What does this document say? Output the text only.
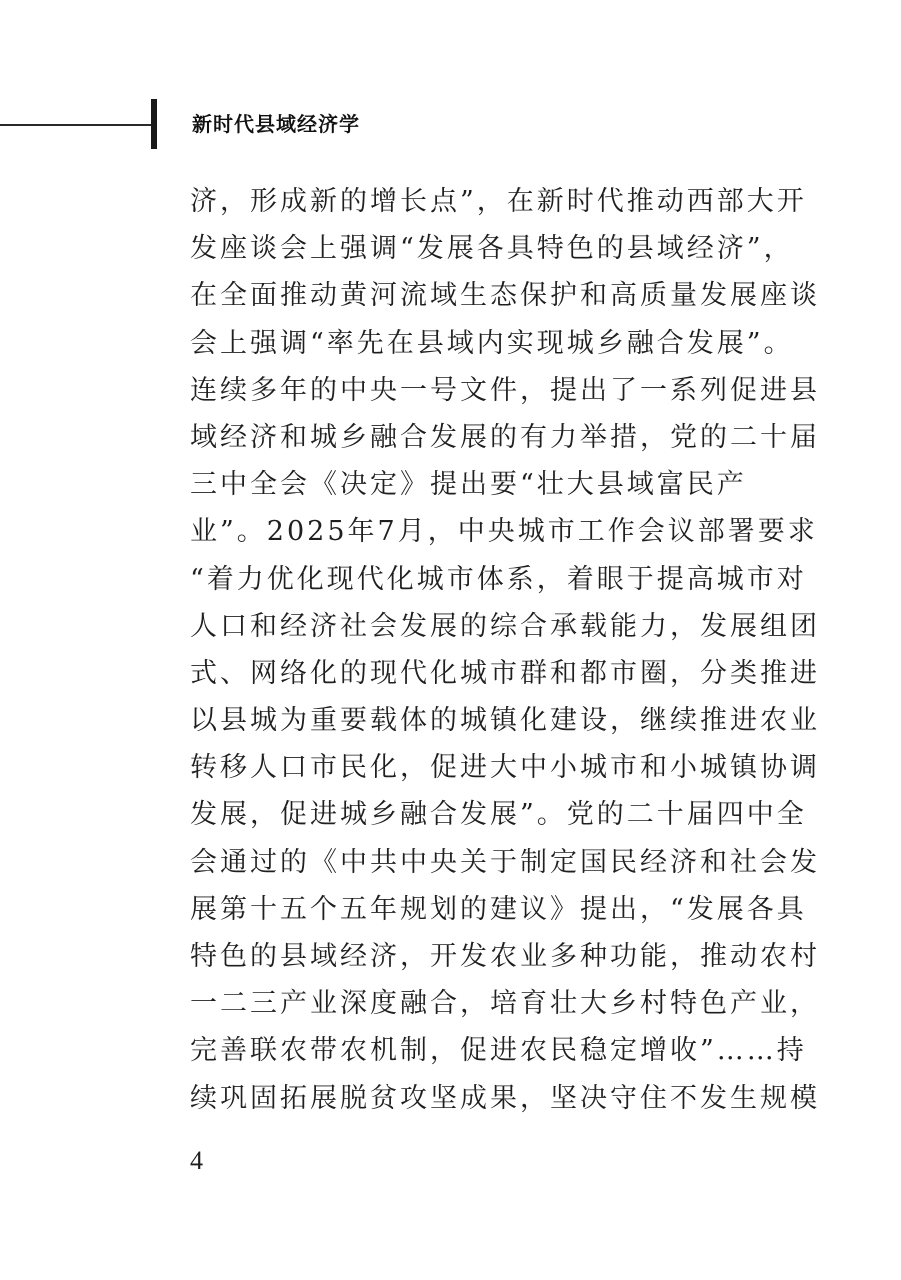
新时代县域经济学
济，形成新的增长点”，在新时代推动西部大开
发座谈会上强调“发展各具特色的县域经济”，
在全面推动黄河流域生态保护和高质量发展座谈
会上强调“率先在县域内实现城乡融合发展”。
连续多年的中央一号文件，提出了一系列促进县
域经济和城乡融合发展的有力举措，党的二十届
三中全会《决定》提出要“壮大县域富民产
业”。2025年7月，中央城市工作会议部署要求
“着力优化现代化城市体系，着眼于提高城市对
人口和经济社会发展的综合承载能力，发展组团
式、网络化的现代化城市群和都市圈，分类推进
以县城为重要载体的城镇化建设，继续推进农业
转移人口市民化，促进大中小城市和小城镇协调
发展，促进城乡融合发展”。党的二十届四中全
会通过的《中共中央关于制定国民经济和社会发
展第十五个五年规划的建议》提出，“发展各具
特色的县域经济，开发农业多种功能，推动农村
一二三产业深度融合，培育壮大乡村特色产业，
完善联农带农机制，促进农民稳定增收”……持
续巩固拓展脱贫攻坚成果，坚决守住不发生规模
4
